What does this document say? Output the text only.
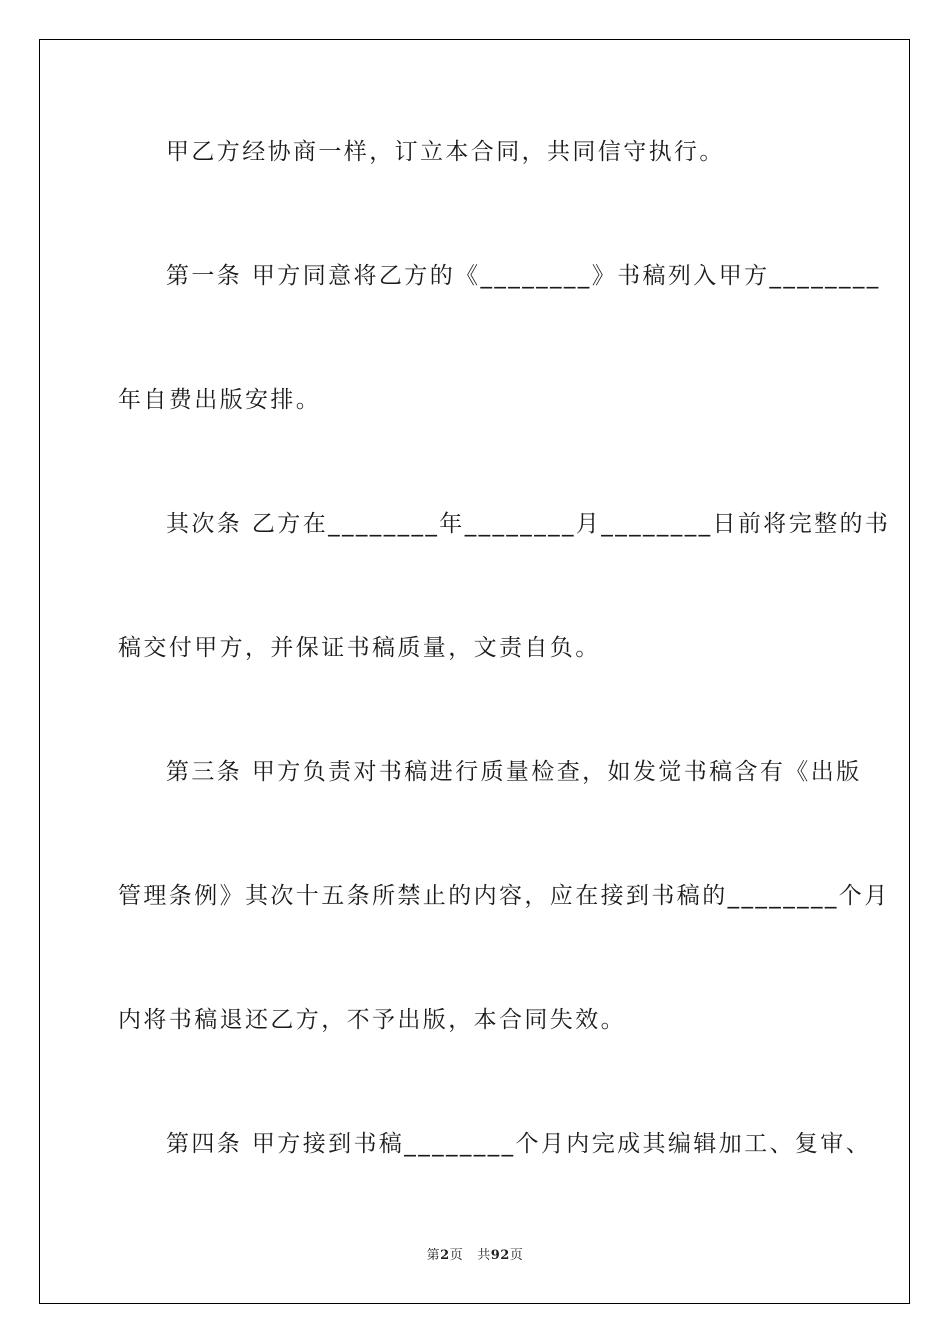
甲乙方经协商一样，订立本合同，共同信守执行。
第一条 甲方同意将乙方的《________》书稿列入甲方________
年自费出版安排。
其次条 乙方在________年________月________日前将完整的书
稿交付甲方，并保证书稿质量，文责自负。
第三条 甲方负责对书稿进行质量检查，如发觉书稿含有《出版
管理条例》其次十五条所禁止的内容，应在接到书稿的________个月
内将书稿退还乙方，不予出版，本合同失效。
第四条 甲方接到书稿________个月内完成其编辑加工、复审、
第2页 共92页
